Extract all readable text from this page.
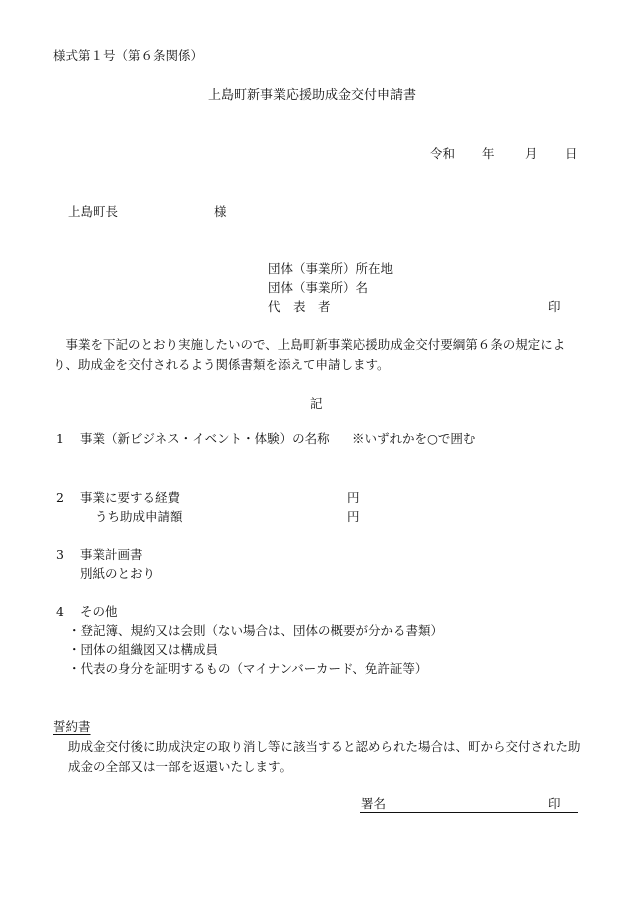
様式第１号（第６条関係）
上島町新事業応援助成金交付申請書
令和 年 月 日
上島町長	様
団体（事業所）所在地
団体（事業所）名
代　表　者	印
　事業を下記のとおり実施したいので、上島町新事業応援助成金交付要綱第６条の規定により、助成金を交付されるよう関係書類を添えて申請します。
記
1 事業（新ビジネス・イベント・体験）の名称 ※いずれかを○で囲む
2 事業に要する経費	円
うち助成申請額	円
3 事業計画書
別紙のとおり
4 その他
・登記簿、規約又は会則（ない場合は、団体の概要が分かる書類）
・団体の組織図又は構成員
・代表の身分を証明するもの（マイナンバーカード、免許証等）
誓約書
助成金交付後に助成決定の取り消し等に該当すると認められた場合は、町から交付された助成金の全部又は一部を返還いたします。
署名	印
